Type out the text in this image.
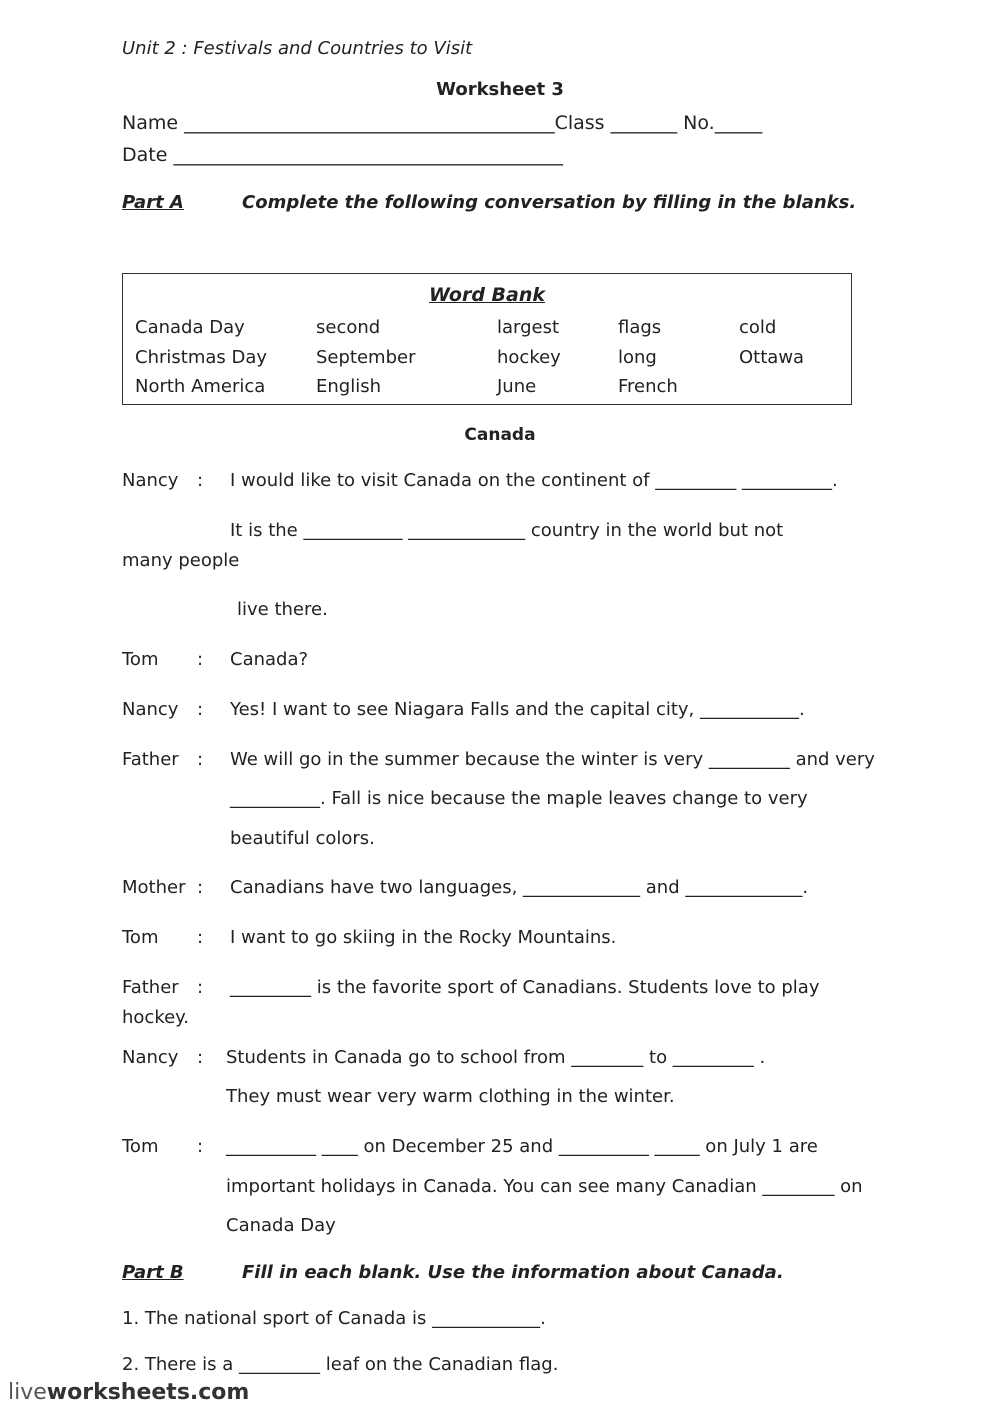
Unit 2 : Festivals and Countries to Visit
Worksheet 3
Name _______________________________________Class _______ No._____
Date _________________________________________
Part A	Complete the following conversation by filling in the blanks.
Word Bank
Canada Day
Christmas Day
North America
second
September
English
largest
hockey
June
flags
long
French
cold
Ottawa
Canada
Nancy : I would like to visit Canada on the continent of _________ __________.
It is the ___________ _____________ country in the world but not
many people
live there.
Tom : Canada?
Nancy : Yes! I want to see Niagara Falls and the capital city, ___________.
Father : We will go in the summer because the winter is very _________ and very
__________. Fall is nice because the maple leaves change to very
beautiful colors.
Mother : Canadians have two languages, _____________ and _____________.
Tom : I want to go skiing in the Rocky Mountains.
Father : _________ is the favorite sport of Canadians. Students love to play
hockey.
Nancy : Students in Canada go to school from ________ to _________ .
They must wear very warm clothing in the winter.
Tom : __________ ____ on December 25 and __________ _____ on July 1 are
important holidays in Canada. You can see many Canadian ________ on
Canada Day
Part B	Fill in each blank. Use the information about Canada.
1. The national sport of Canada is ____________.
2. There is a _________ leaf on the Canadian flag.
liveworksheets.com
